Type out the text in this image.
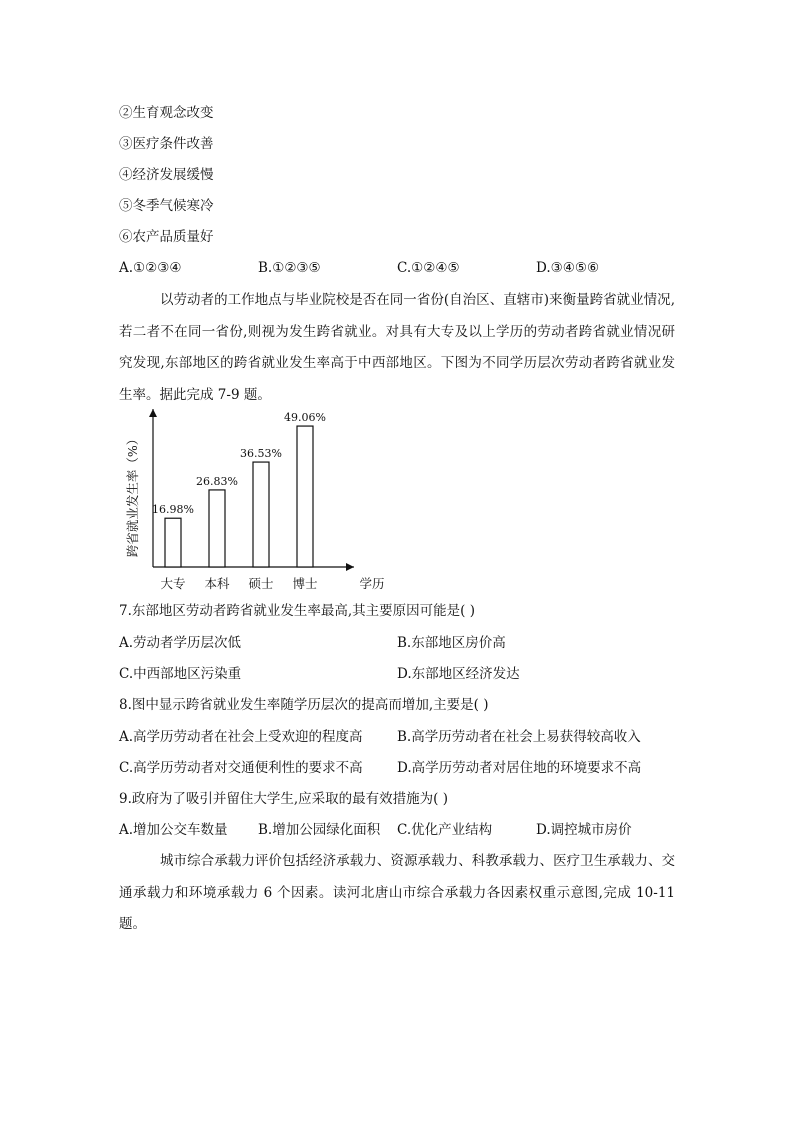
②生育观念改变
③医疗条件改善
④经济发展缓慢
⑤冬季气候寒冷
⑥农产品质量好
A.①②③④	B.①②③⑤	C.①②④⑤	D.③④⑤⑥
以劳动者的工作地点与毕业院校是否在同一省份(自治区、直辖市)来衡量跨省就业情况,若二者不在同一省份,则视为发生跨省就业。对具有大专及以上学历的劳动者跨省就业情况研究发现,东部地区的跨省就业发生率高于中西部地区。下图为不同学历层次劳动者跨省就业发生率。据此完成 7-9 题。
16.98%
26.83%
36.53%
49.06%
大专 本科 硕士 博士
跨省就业发生率（%）
学历
7.东部地区劳动者跨省就业发生率最高,其主要原因可能是( )
A.劳动者学历层次低	B.东部地区房价高
C.中西部地区污染重	D.东部地区经济发达
8.图中显示跨省就业发生率随学历层次的提高而增加,主要是( )
A.高学历劳动者在社会上受欢迎的程度高	B.高学历劳动者在社会上易获得较高收入
C.高学历劳动者对交通便利性的要求不高	D.高学历劳动者对居住地的环境要求不高
9.政府为了吸引并留住大学生,应采取的最有效措施为( )
A.增加公交车数量 B.增加公园绿化面积 C.优化产业结构	D.调控城市房价
城市综合承载力评价包括经济承载力、资源承载力、科教承载力、医疗卫生承载力、交通承载力和环境承载力 6 个因素。读河北唐山市综合承载力各因素权重示意图,完成 10-11 题。
